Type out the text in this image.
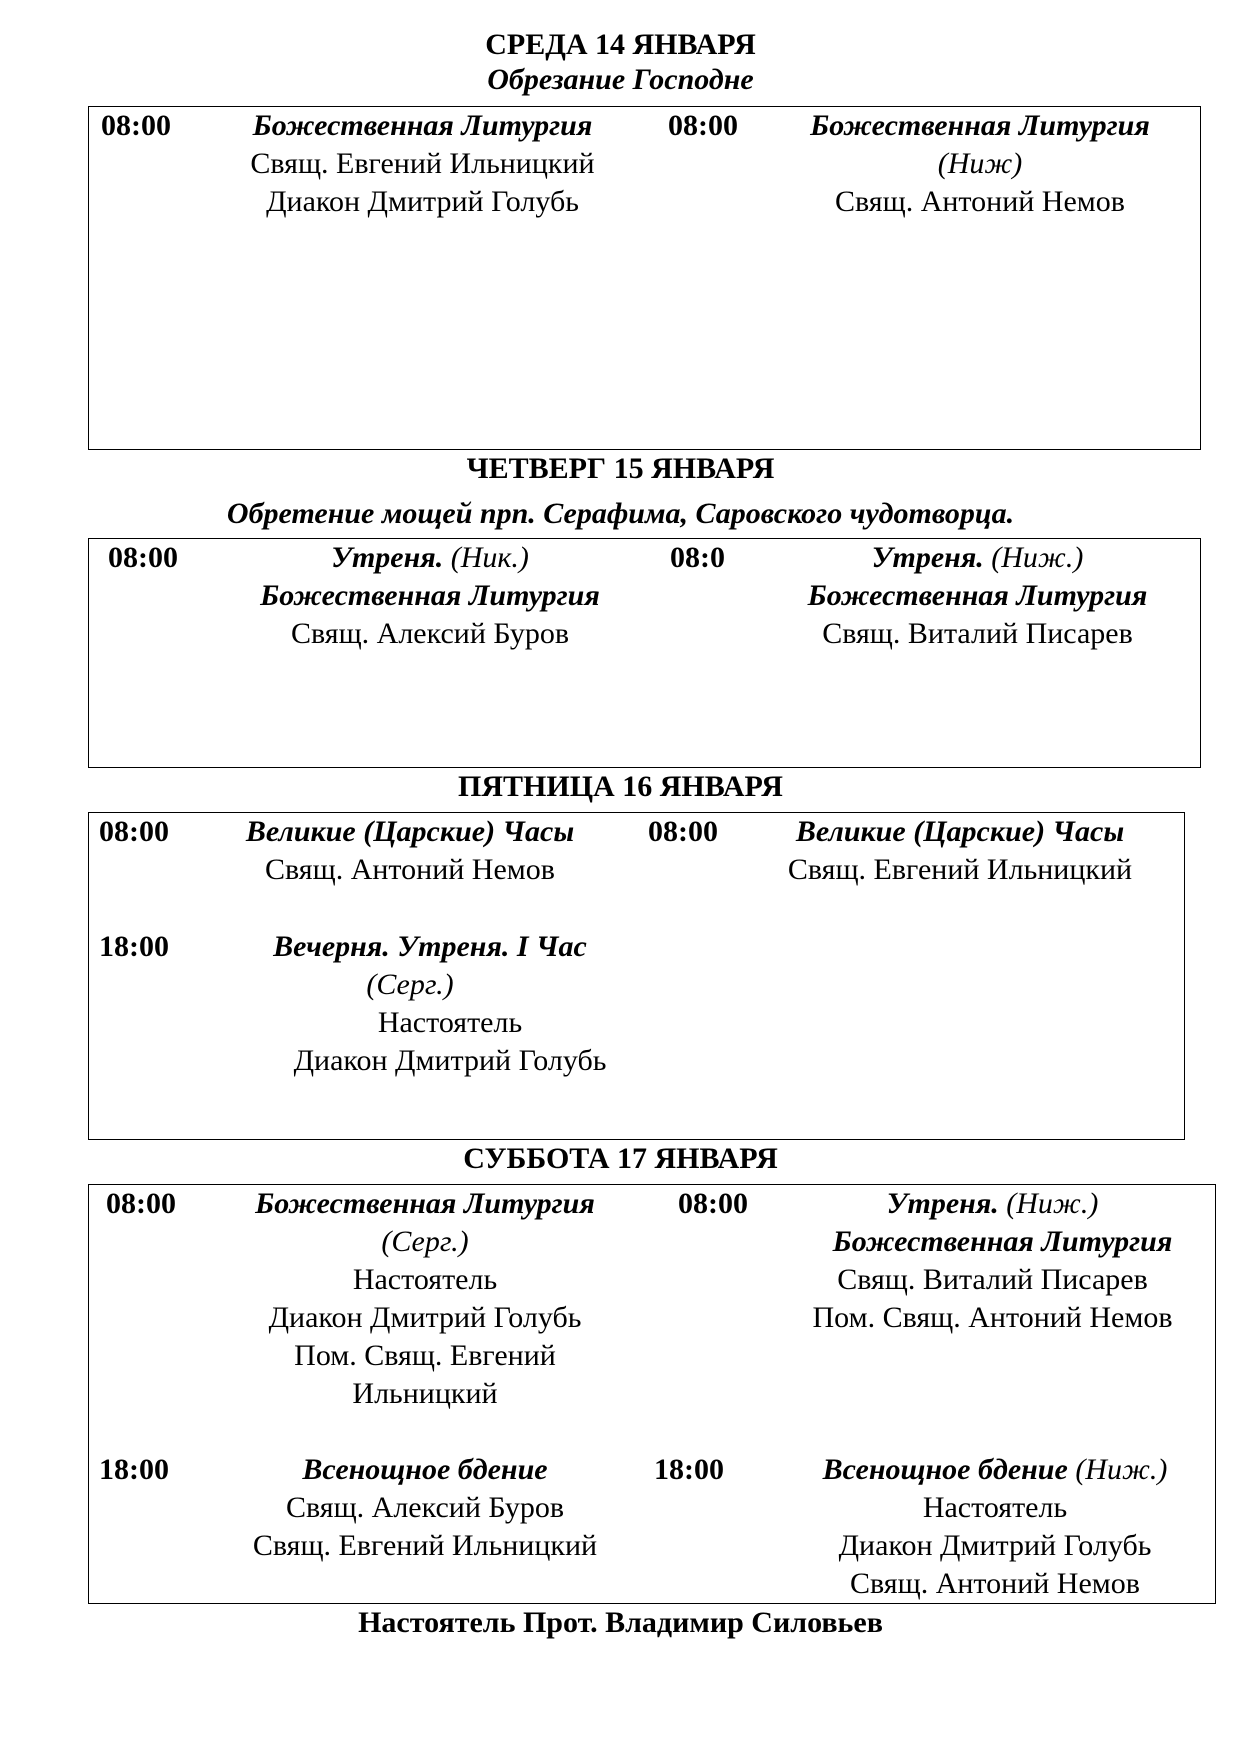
СРЕДА 14 ЯНВАРЯ
Обрезание Господне
08:00	Божественная Литургия
Свящ. Евгений Ильницкий
Диакон Дмитрий Голубь
08:00	Божественная Литургия
(Ниж)
Свящ. Антоний Немов
ЧЕТВЕРГ 15 ЯНВАРЯ
Обретение мощей прп. Серафима, Саровского чудотворца.
08:00	Утреня. (Ник.)
Божественная Литургия
Свящ. Алексий Буров
08:0	Утреня. (Ниж.)
Божественная Литургия
Свящ. Виталий Писарев
ПЯТНИЦА 16 ЯНВАРЯ
08:00	Великие (Царские) Часы
Свящ. Антоний Немов
08:00	Великие (Царские) Часы
Свящ. Евгений Ильницкий
18:00	Вечерня. Утреня. I Час
(Серг.)
Настоятель
Диакон Дмитрий Голубь
СУББОТА 17 ЯНВАРЯ
08:00	Божественная Литургия
(Серг.)
Настоятель
Диакон Дмитрий Голубь
Пом. Свящ. Евгений
Ильницкий
08:00	Утреня. (Ниж.)
Божественная Литургия
Свящ. Виталий Писарев
Пом. Свящ. Антоний Немов
18:00	Всенощное бдение
Свящ. Алексий Буров
Свящ. Евгений Ильницкий
18:00	Всенощное бдение (Ниж.)
Настоятель
Диакон Дмитрий Голубь
Свящ. Антоний Немов
Настоятель Прот. Владимир Силовьев
